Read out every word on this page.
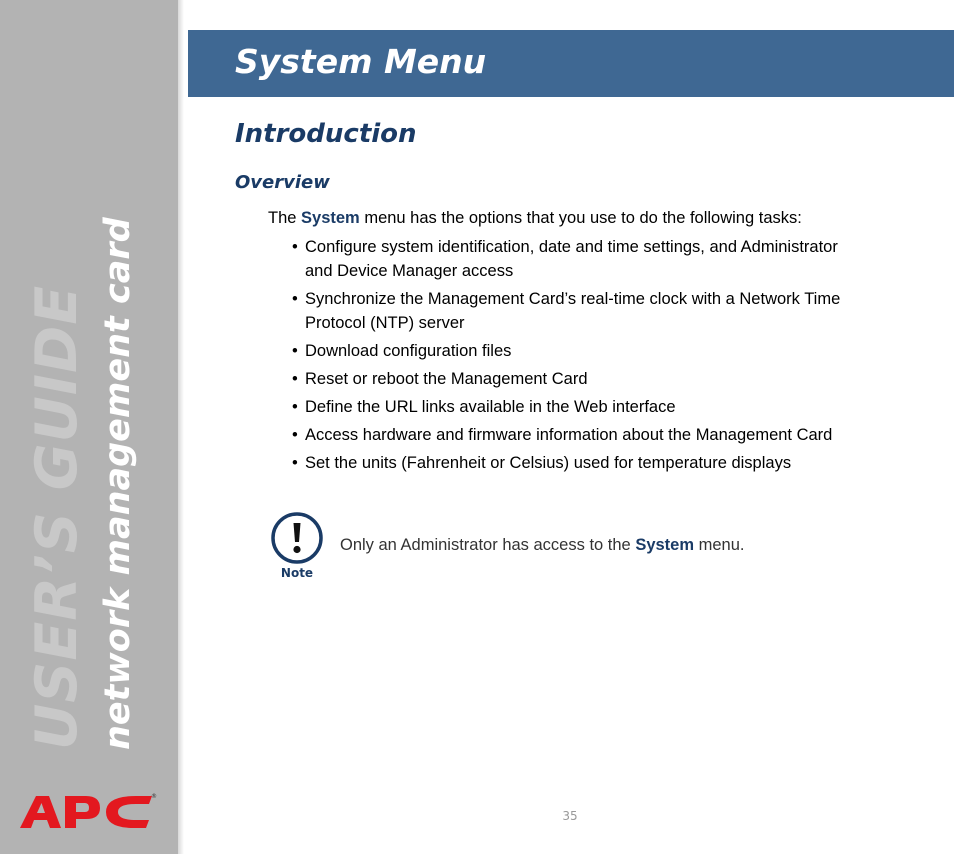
USER’S GUIDE network management card
®
System Menu
Introduction
Overview

The System menu has the options that you use to do the following tasks:

• Configure system identification, date and time settings, and Administrator and Device Manager access
• Synchronize the Management Card’s real-time clock with a Network Time Protocol (NTP) server
• Download configuration files
• Reset or reboot the Management Card
• Define the URL links available in the Web interface
• Access hardware and firmware information about the Management Card
• Set the units (Fahrenheit or Celsius) used for temperature displays
Note

Only an Administrator has access to the System menu.

35
